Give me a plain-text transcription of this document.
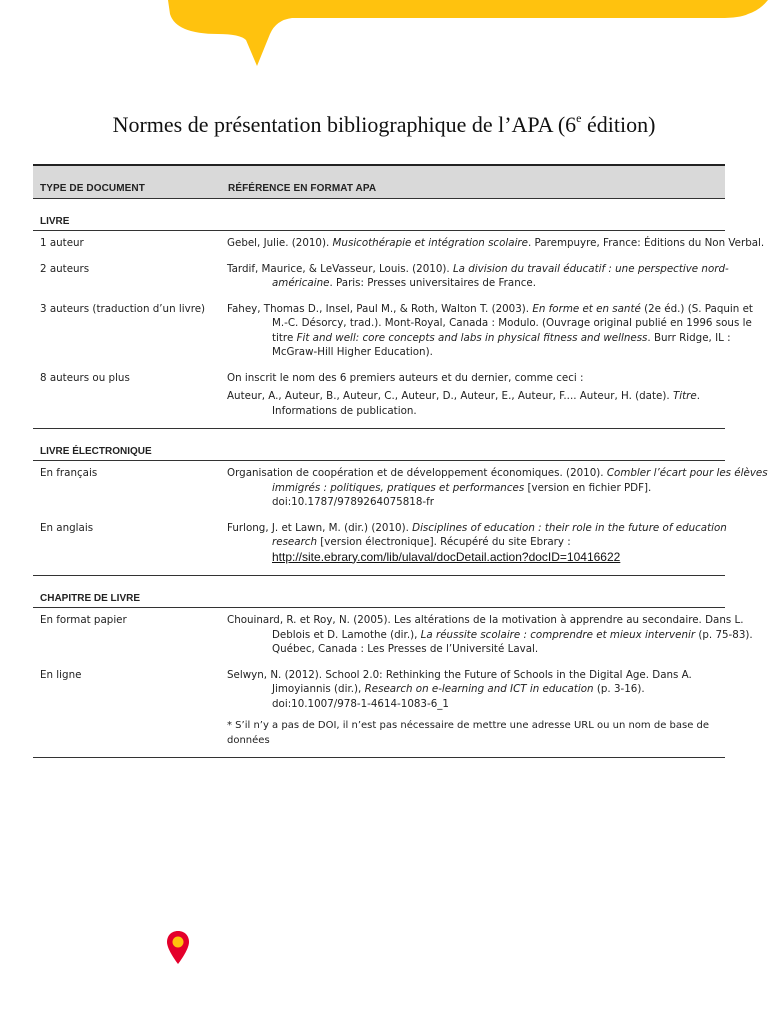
Normes de présentation bibliographique de l’APA (6e édition)
TYPE DE DOCUMENT	RÉFÉRENCE EN FORMAT APA
LIVRE
1 auteur	Gebel, Julie. (2010). Musicothérapie et intégration scolaire. Parempuyre, France: Éditions du Non Verbal.
2 auteurs	Tardif, Maurice, & LeVasseur, Louis. (2010). La division du travail éducatif : une perspective nord-américaine. Paris: Presses universitaires de France.
3 auteurs (traduction d’un livre)	Fahey, Thomas D., Insel, Paul M., & Roth, Walton T. (2003). En forme et en santé (2e éd.) (S. Paquin et M.-C. Désorcy, trad.). Mont-Royal, Canada : Modulo. (Ouvrage original publié en 1996 sous le titre Fit and well: core concepts and labs in physical fitness and wellness. Burr Ridge, IL : McGraw-Hill Higher Education).
8 auteurs ou plus	On inscrit le nom des 6 premiers auteurs et du dernier, comme ceci :
Auteur, A., Auteur, B., Auteur, C., Auteur, D., Auteur, E., Auteur, F.... Auteur, H. (date). Titre. Informations de publication.
LIVRE ÉLECTRONIQUE
En français	Organisation de coopération et de développement économiques. (2010). Combler l’écart pour les élèves immigrés : politiques, pratiques et performances [version en fichier PDF]. doi:10.1787/9789264075818-fr
En anglais	Furlong, J. et Lawn, M. (dir.) (2010). Disciplines of education : their role in the future of education research [version électronique]. Récupéré du site Ebrary :
http://site.ebrary.com/lib/ulaval/docDetail.action?docID=10416622
CHAPITRE DE LIVRE
En format papier	Chouinard, R. et Roy, N. (2005). Les altérations de la motivation à apprendre au secondaire. Dans L. Deblois et D. Lamothe (dir.), La réussite scolaire : comprendre et mieux intervenir (p. 75-83). Québec, Canada : Les Presses de l’Université Laval.
En ligne	Selwyn, N. (2012). School 2.0: Rethinking the Future of Schools in the Digital Age. Dans A. Jimoyiannis (dir.), Research on e-learning and ICT in education (p. 3-16). doi:10.1007/978-1-4614-1083-6_1
* S’il n’y a pas de DOI, il n’est pas nécessaire de mettre une adresse URL ou un nom de base de données
